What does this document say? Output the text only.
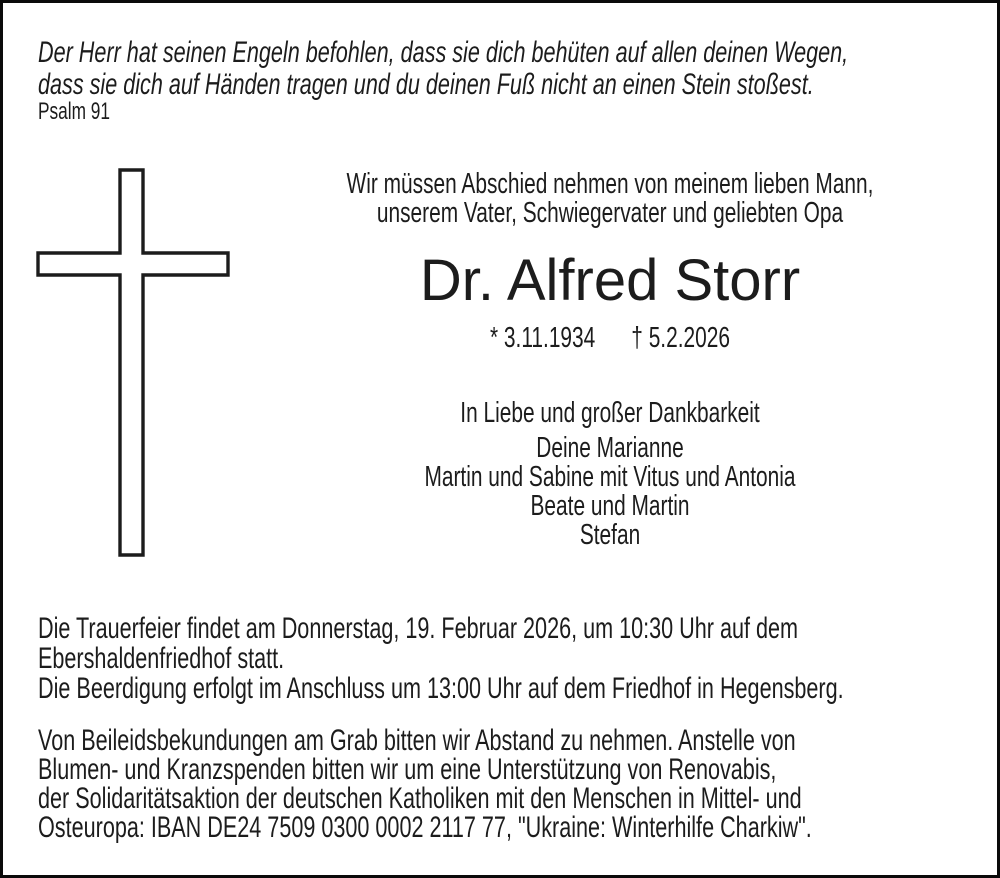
Der Herr hat seinen Engeln befohlen, dass sie dich behüten auf allen deinen Wegen,
dass sie dich auf Händen tragen und du deinen Fuß nicht an einen Stein stoßest.
Psalm 91
Wir müssen Abschied nehmen von meinem lieben Mann,
unserem Vater, Schwiegervater und geliebten Opa
Dr. Alfred Storr
* 3.11.1934 † 5.2.2026
In Liebe und großer Dankbarkeit
Deine Marianne
Martin und Sabine mit Vitus und Antonia
Beate und Martin
Stefan
Die Trauerfeier findet am Donnerstag, 19. Februar 2026, um 10:30 Uhr auf dem
Ebershaldenfriedhof statt.
Die Beerdigung erfolgt im Anschluss um 13:00 Uhr auf dem Friedhof in Hegensberg.
Von Beileidsbekundungen am Grab bitten wir Abstand zu nehmen. Anstelle von
Blumen- und Kranzspenden bitten wir um eine Unterstützung von Renovabis,
der Solidaritätsaktion der deutschen Katholiken mit den Menschen in Mittel- und
Osteuropa: IBAN DE24 7509 0300 0002 2117 77, "Ukraine: Winterhilfe Charkiw".
